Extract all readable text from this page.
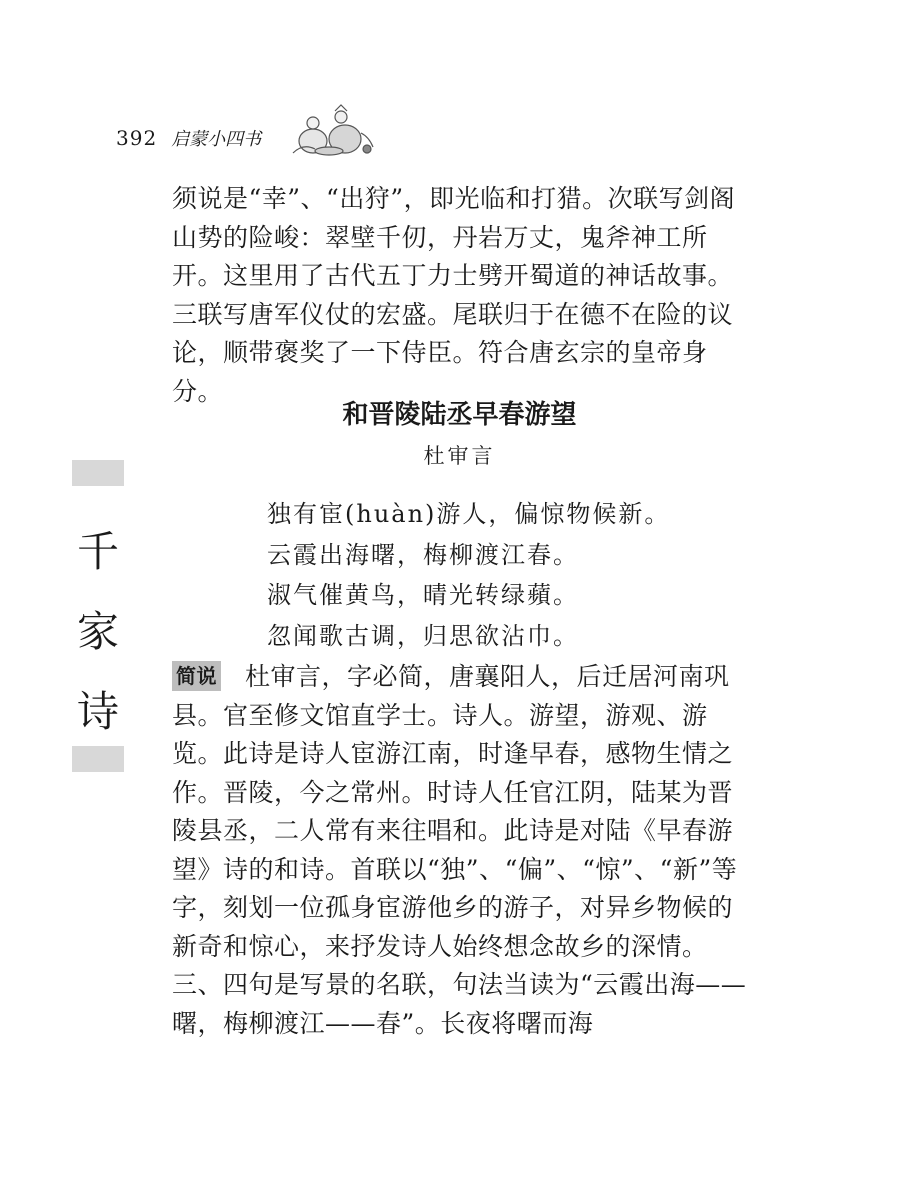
392 启蒙小四书
千
家
诗

须说是“幸”、“出狩”，即光临和打猎。次联写剑阁山势的险峻：翠壁千仞，丹岩万丈，鬼斧神工所开。这里用了古代五丁力士劈开蜀道的神话故事。三联写唐军仪仗的宏盛。尾联归于在德不在险的议论，顺带褒奖了一下侍臣。符合唐玄宗的皇帝身分。

和晋陵陆丞早春游望
杜审言
独有宦(huàn)游人，偏惊物候新。
云霞出海曙，梅柳渡江春。
淑气催黄鸟，晴光转绿蘋。
忽闻歌古调，归思欲沾巾。

简说 杜审言，字必简，唐襄阳人，后迁居河南巩县。官至修文馆直学士。诗人。游望，游观、游览。此诗是诗人宦游江南，时逢早春，感物生情之作。晋陵，今之常州。时诗人任官江阴，陆某为晋陵县丞，二人常有来往唱和。此诗是对陆《早春游望》诗的和诗。首联以“独”、“偏”、“惊”、“新”等字，刻划一位孤身宦游他乡的游子，对异乡物候的新奇和惊心，来抒发诗人始终想念故乡的深情。三、四句是写景的名联，句法当读为“云霞出海——曙，梅柳渡江——春”。长夜将曙而海
